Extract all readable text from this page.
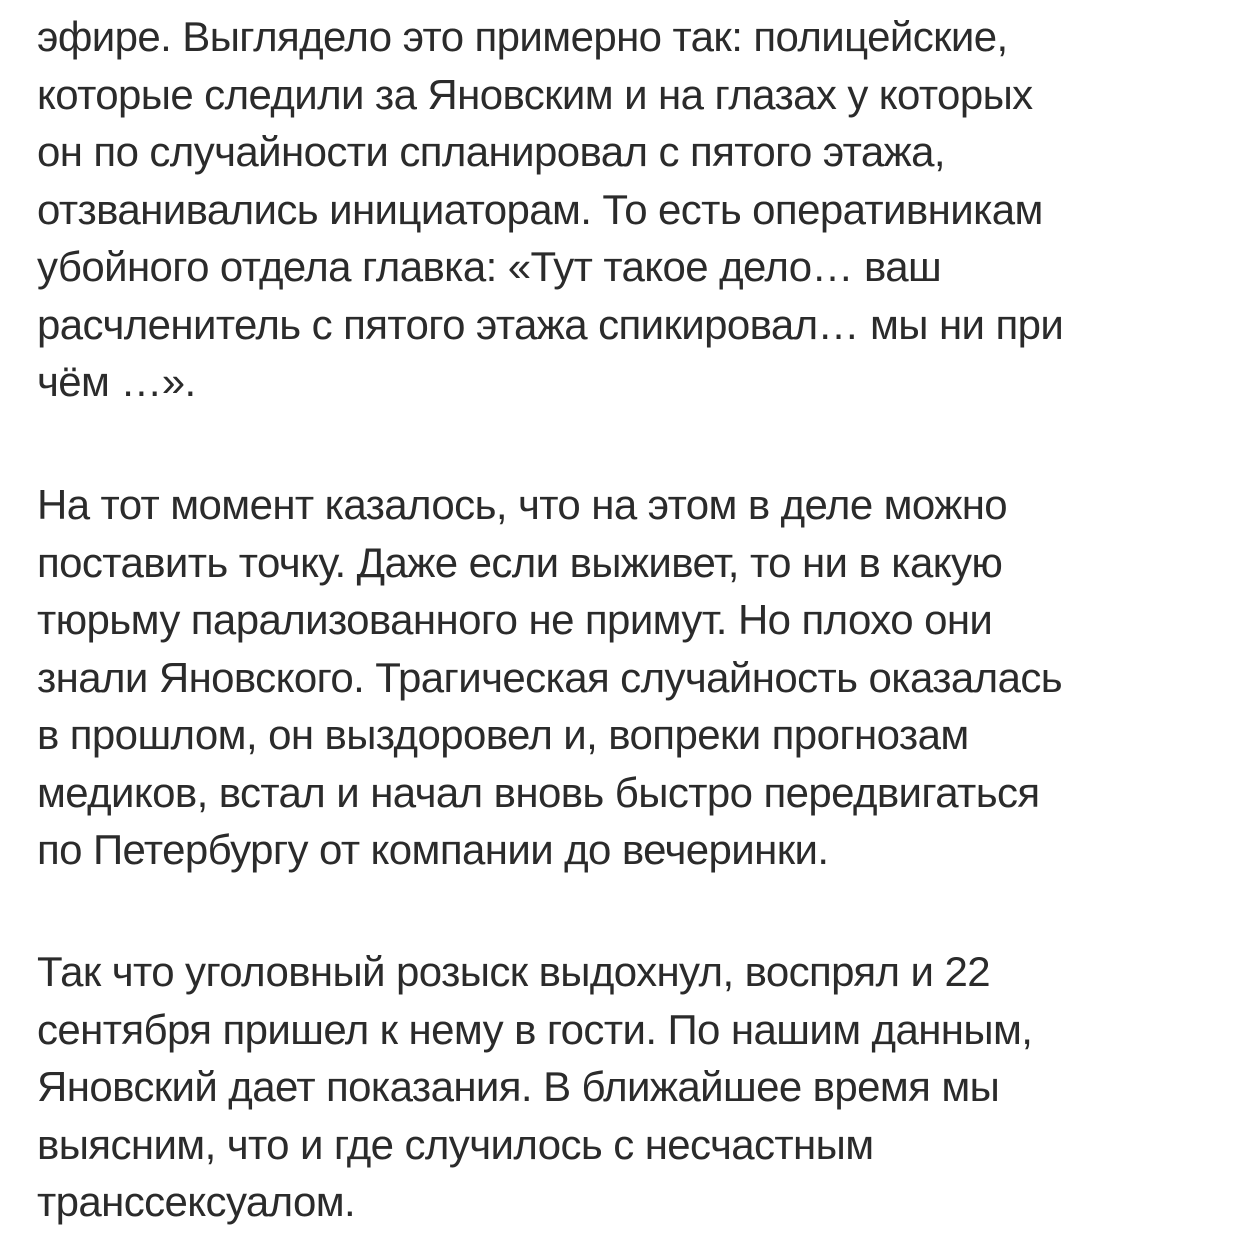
эфире. Выглядело это примерно так: полицейские,
которые следили за Яновским и на глазах у которых
он по случайности спланировал с пятого этажа,
отзванивались инициаторам. То есть оперативникам
убойного отдела главка: «Тут такое дело… ваш
расчленитель с пятого этажа спикировал… мы ни при
чём …».

На тот момент казалось, что на этом в деле можно
поставить точку. Даже если выживет, то ни в какую
тюрьму парализованного не примут. Но плохо они
знали Яновского. Трагическая случайность оказалась
в прошлом, он выздоровел и, вопреки прогнозам
медиков, встал и начал вновь быстро передвигаться
по Петербургу от компании до вечеринки.

Так что уголовный розыск выдохнул, воспрял и 22
сентября пришел к нему в гости. По нашим данным,
Яновский дает показания. В ближайшее время мы
выясним, что и где случилось с несчастным
транссексуалом.
